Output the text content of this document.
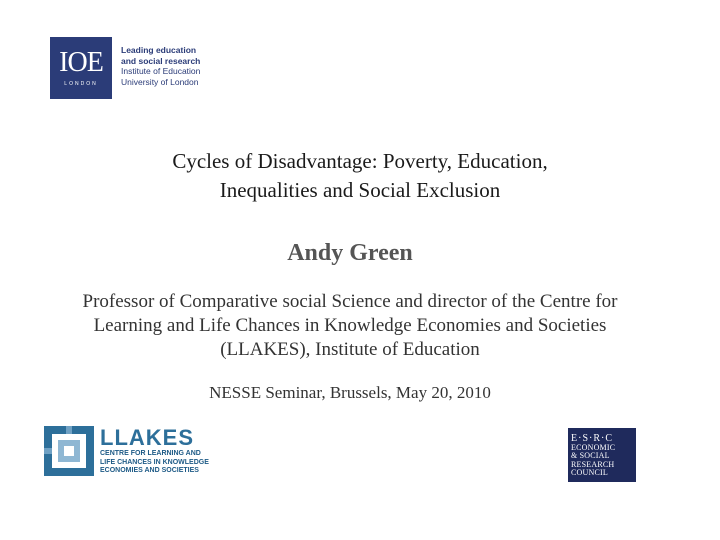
IOE
LONDON
Leading education
and social research
Institute of Education
University of London
Cycles of Disadvantage: Poverty, Education,
Inequalities and Social Exclusion
Andy Green
Professor of Comparative social Science and director of the Centre for
Learning and Life Chances in Knowledge Economies and Societies
(LLAKES), Institute of Education
NESSE Seminar, Brussels, May 20, 2010
LLAKES
CENTRE FOR LEARNING AND
LIFE CHANCES IN KNOWLEDGE
ECONOMIES AND SOCIETIES
E·S·R·C
ECONOMIC
& SOCIAL
RESEARCH
COUNCIL
